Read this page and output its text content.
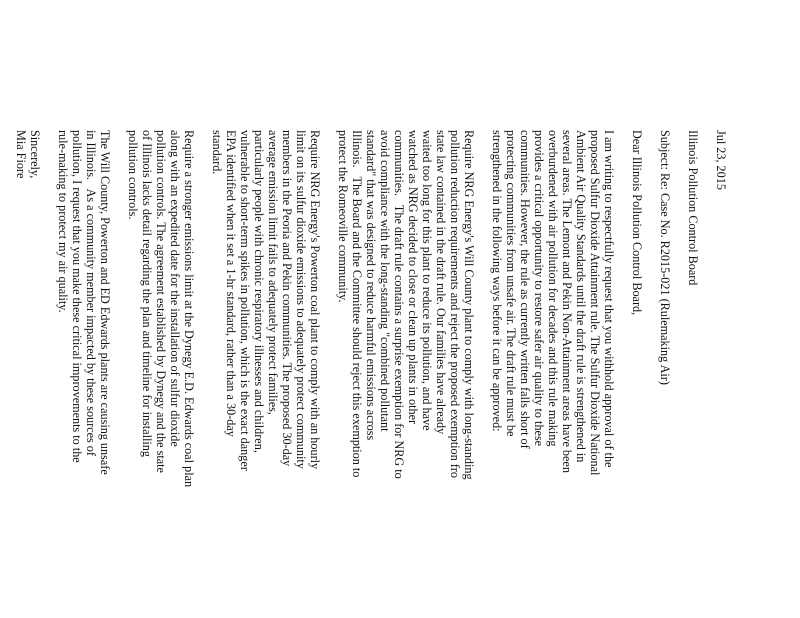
Jul 23, 2015

Illinois Pollution Control Board

Subject: Re: Case No. R2015-021 (Rulemaking Air)

Dear Illinois Pollution Control Board,

I am writing to respectfully request that you withhold approval of the
proposed Sulfur Dioxide Attainment rule. The Sulfur Dioxide National
Ambient Air Quality Standards until the draft rule is strengthened in
several areas. The Lemont and Pekin Non-Attainment areas have been
overburdened with air pollution for decades and this rule making
provides a critical opportunity to restore safer air quality to these
communities. However, the rule as currently written falls short of
protecting communities from unsafe air. The draft rule must be
strengthened in the following ways before it can be approved:

Require NRG Energy's Will County plant to comply with long-standing
pollution reduction requirements and reject the proposed exemption fro
state law contained in the draft rule. Our families have already
waited too long for this plant to reduce its pollution, and have
watched as NRG decided to close or clean up plants in other
communities.   The draft rule contains a surprise exemption for NRG to
avoid compliance with the long-standing "combined pollutant
standard" that was designed to reduce harmful emissions across
Illinois.   The Board and the Committee should reject this exemption to
protect the Romeoville community.

Require NRG Energy's Powerton coal plant to comply with an hourly
limit on its sulfur dioxide emissions to adequately protect community
members in the Peoria and Pekin communities. The proposed 30-day
average emission limit fails to adequately protect families,
particularly people with chronic respiratory illnesses and children,
vulnerable to short-term spikes in pollution, which is the exact danger
EPA identified when it set a 1-hr standard, rather than a 30-day
standard.

Require a stronger emissions limit at the Dynegy E.D. Edwards coal plan
along with an expedited date for the installation of sulfur dioxide
pollution controls. The agreement established by Dynegy and the state
of Illinois lacks detail regarding the plan and timeline for installing
pollution controls.

The Will County, Powerton and ED Edwards plants are causing unsafe
in Illinois.   As a community member impacted by these sources of
pollution, I request that you make these critical improvements to the
rule-making to protect my air quality.

Sincerely,

Mia Fiore
